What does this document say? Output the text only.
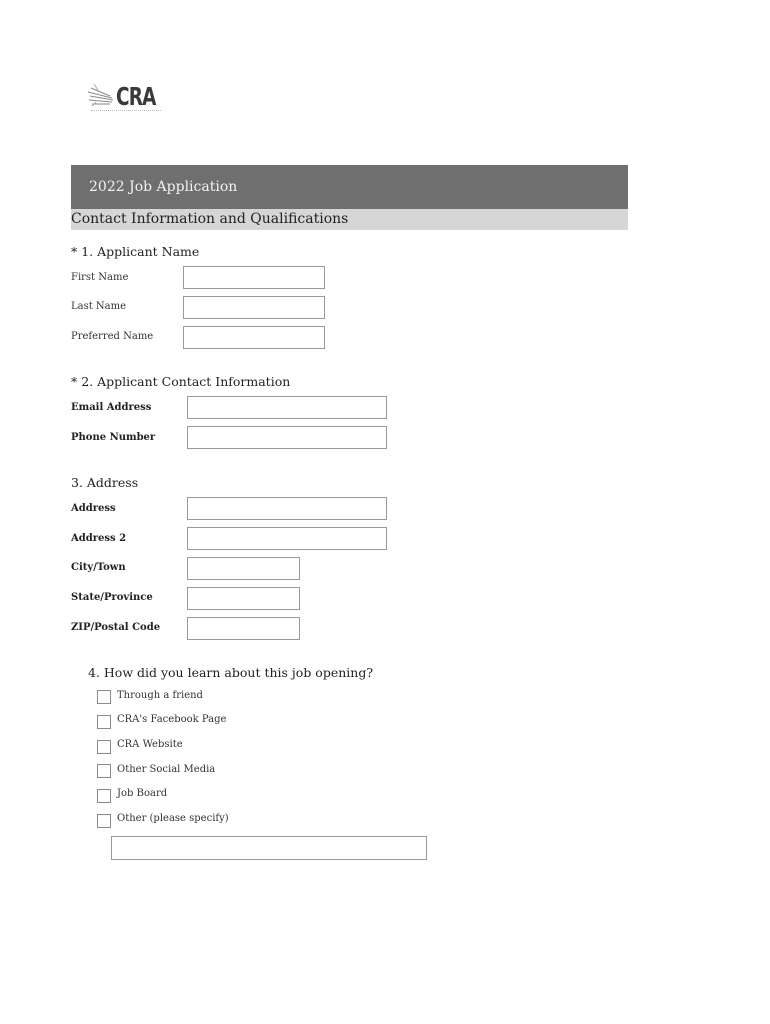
CRA
2022 Job Application
Contact Information and Qualifications
* 1. Applicant Name
First Name
Last Name
Preferred Name
* 2. Applicant Contact Information
Email Address
Phone Number
3. Address
Address
Address 2
City/Town
State/Province
ZIP/Postal Code
4. How did you learn about this job opening?
Through a friend
CRA's Facebook Page
CRA Website
Other Social Media
Job Board
Other (please specify)
